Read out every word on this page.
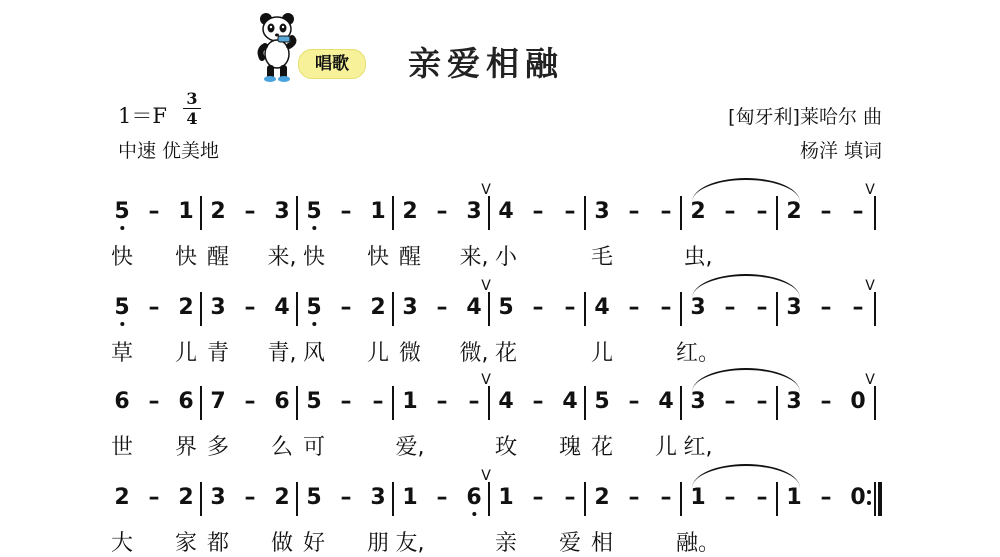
唱歌	亲爱相融
1＝F
3
4
中速 优美地
[匈牙利]莱哈尔 曲
杨洋 填词
5 – 1 2 – 3 5 – 1 2 – 3 4 – – 3 – – 2 – – 2 – –
V	V
快 快 醒 来, 快 快 醒 来, 小	毛	虫,
5 – 2 3 – 4 5 – 2 3 – 4 5 – – 4 – – 3 – – 3 – –
V	V
草 儿 青 青, 风 儿 微 微, 花	儿	红。
6 – 6 7 – 6 5 – – 1 – – 4 – 4 5 – 4 3 – – 3 – 0
V	V
世 界 多 么 可	爱,	玫 瑰 花 儿 红,
2 – 2 3 – 2 5 – 3 1 – 6 1 – – 2 – – 1 – – 1 – 0
V
大 家 都 做 好 朋 友,	亲 爱 相	融。
